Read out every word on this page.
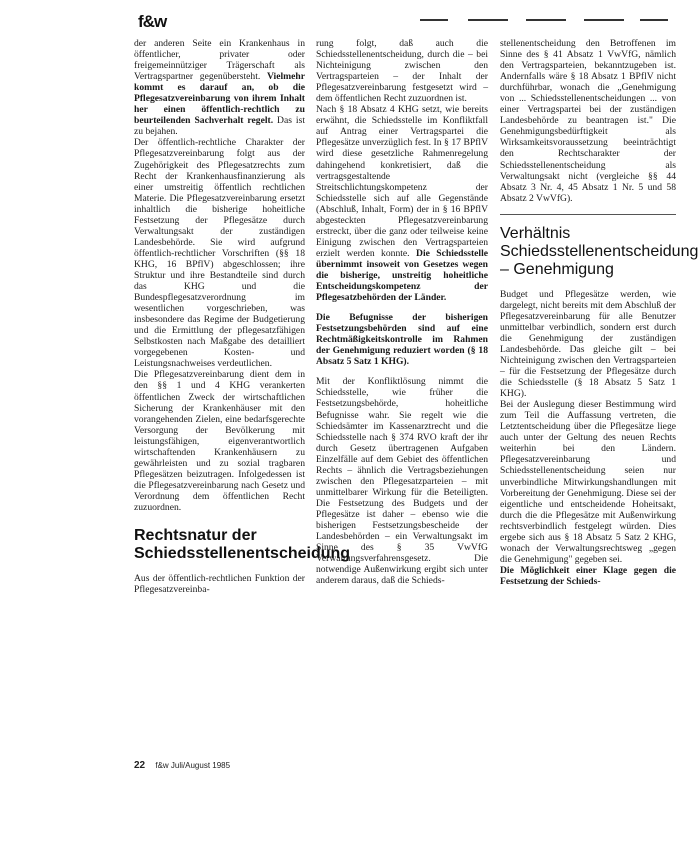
f&w

der anderen Seite ein Krankenhaus in öffentlicher, privater oder freigemeinnütziger Trägerschaft als Vertragspartner gegenübersteht. Vielmehr kommt es darauf an, ob die Pflegesatzvereinbarung von ihrem Inhalt her einen öffentlich-rechtlich zu beurteilenden Sachverhalt regelt. Das ist zu bejahen.

Der öffentlich-rechtliche Charakter der Pflegesatzvereinbarung folgt aus der Zugehörigkeit des Pflegesatzrechts zum Recht der Krankenhausfinanzierung als einer umstreitig öffentlich rechtlichen Materie. Die Pflegesatzvereinbarung ersetzt inhaltlich die bisherige hoheitliche Festsetzung der Pflegesätze durch Verwaltungsakt der zuständigen Landesbehörde. Sie wird aufgrund öffentlich-rechtlicher Vorschriften (§§ 18 KHG, 16 BPflV) abgeschlossen; ihre Struktur und ihre Bestandteile sind durch das KHG und die Bundespflegesatzverordnung im wesentlichen vorgeschrieben, was insbesondere das Regime der Budgetierung und die Ermittlung der pflegesatzfähigen Selbstkosten nach Maßgabe des detailliert vorgegebenen Kosten- und Leistungsnachweises verdeutlichen.

Die Pflegesatzvereinbarung dient dem in den §§ 1 und 4 KHG verankerten öffentlichen Zweck der wirtschaftlichen Sicherung der Krankenhäuser mit den vorangehenden Zielen, eine bedarfsgerechte Versorgung der Bevölkerung mit leistungsfähigen, eigenverantwortlich wirtschaftenden Krankenhäusern zu gewährleisten und zu sozial tragbaren Pflegesätzen beizutragen. Infolgedessen ist die Pflegesatzvereinbarung nach Gesetz und Verordnung dem öffentlichen Recht zuzuordnen.

Rechtsnatur der Schiedsstellenentscheidung

Aus der öffentlich-rechtlichen Funktion der Pflegesatzvereinba-

rung folgt, daß auch die Schiedsstellenentscheidung, durch die – bei Nichteinigung zwischen den Vertragsparteien – der Inhalt der Pflegesatzvereinbarung festgesetzt wird – dem öffentlichen Recht zuzuordnen ist.

Nach § 18 Absatz 4 KHG setzt, wie bereits erwähnt, die Schiedsstelle im Konfliktfall auf Antrag einer Vertragspartei die Pflegesätze unverzüglich fest. In § 17 BPflV wird diese gesetzliche Rahmenregelung dahingehend konkretisiert, daß die vertragsgestaltende Streitschlichtungskompetenz der Schiedsstelle sich auf alle Gegenstände (Abschluß, Inhalt, Form) der in § 16 BPflV abgesteckten Pflegesatzvereinbarung erstreckt, über die ganz oder teilweise keine Einigung zwischen den Vertragsparteien erzielt werden konnte. Die Schiedsstelle übernimmt insoweit von Gesetzes wegen die bisherige, unstreitig hoheitliche Entscheidungskompetenz der Pflegesatzbehörden der Länder.

Die Befugnisse der bisherigen Festsetzungsbehörden sind auf eine Rechtmäßigkeitskontrolle im Rahmen der Genehmigung reduziert worden (§ 18 Absatz 5 Satz 1 KHG).

Mit der Konfliktlösung nimmt die Schiedsstelle, wie früher die Festsetzungsbehörde, hoheitliche Befugnisse wahr. Sie regelt wie die Schiedsämter im Kassenarztrecht und die Schiedsstelle nach § 374 RVO kraft der ihr durch Gesetz übertragenen Aufgaben Einzelfälle auf dem Gebiet des öffentlichen Rechts – ähnlich die Vertragsbeziehungen zwischen den Pflegesatzparteien – mit unmittelbarer Wirkung für die Beteiligten. Die Festsetzung des Budgets und der Pflegesätze ist daher – ebenso wie die bisherigen Festsetzungsbescheide der Landesbehörden – ein Verwaltungsakt im Sinne des § 35 VwVfG Verwaltungsverfahrensgesetz. Die notwendige Außenwirkung ergibt sich unter anderem daraus, daß die Schieds-

stellenentscheidung den Betroffenen im Sinne des § 41 Absatz 1 VwVfG, nämlich den Vertragsparteien, bekanntzugeben ist. Andernfalls wäre § 18 Absatz 1 BPflV nicht durchführbar, wonach die „Genehmigung von ... Schiedsstellenentscheidungen ... von einer Vertragspartei bei der zuständigen Landesbehörde zu beantragen ist." Die Genehmigungsbedürftigkeit als Wirksamkeitsvoraussetzung beeinträchtigt den Rechtscharakter der Schiedsstellenentscheidung als Verwaltungsakt nicht (vergleiche §§ 44 Absatz 3 Nr. 4, 45 Absatz 1 Nr. 5 und 58 Absatz 2 VwVfG).

Verhältnis Schiedsstellenentscheidung – Genehmigung

Budget und Pflegesätze werden, wie dargelegt, nicht bereits mit dem Abschluß der Pflegesatzvereinbarung für alle Benutzer unmittelbar verbindlich, sondern erst durch die Genehmigung der zuständigen Landesbehörde. Das gleiche gilt – bei Nichteinigung zwischen den Vertragsparteien – für die Festsetzung der Pflegesätze durch die Schiedsstelle (§ 18 Absatz 5 Satz 1 KHG).

Bei der Auslegung dieser Bestimmung wird zum Teil die Auffassung vertreten, die Letztentscheidung über die Pflegesätze liege auch unter der Geltung des neuen Rechts weiterhin bei den Ländern. Pflegesatzvereinbarung und Schiedsstellenentscheidung seien nur unverbindliche Mitwirkungshandlungen mit Vorbereitung der Genehmigung. Diese sei der eigentliche und entscheidende Hoheitsakt, durch die die Pflegesätze mit Außenwirkung rechtsverbindlich festgelegt würden. Dies ergebe sich aus § 18 Absatz 5 Satz 2 KHG, wonach der Verwaltungsrechtsweg „gegen die Genehmigung" gegeben sei.

Die Möglichkeit einer Klage gegen die Festsetzung der Schieds-

22 f&w Juli/August 1985
